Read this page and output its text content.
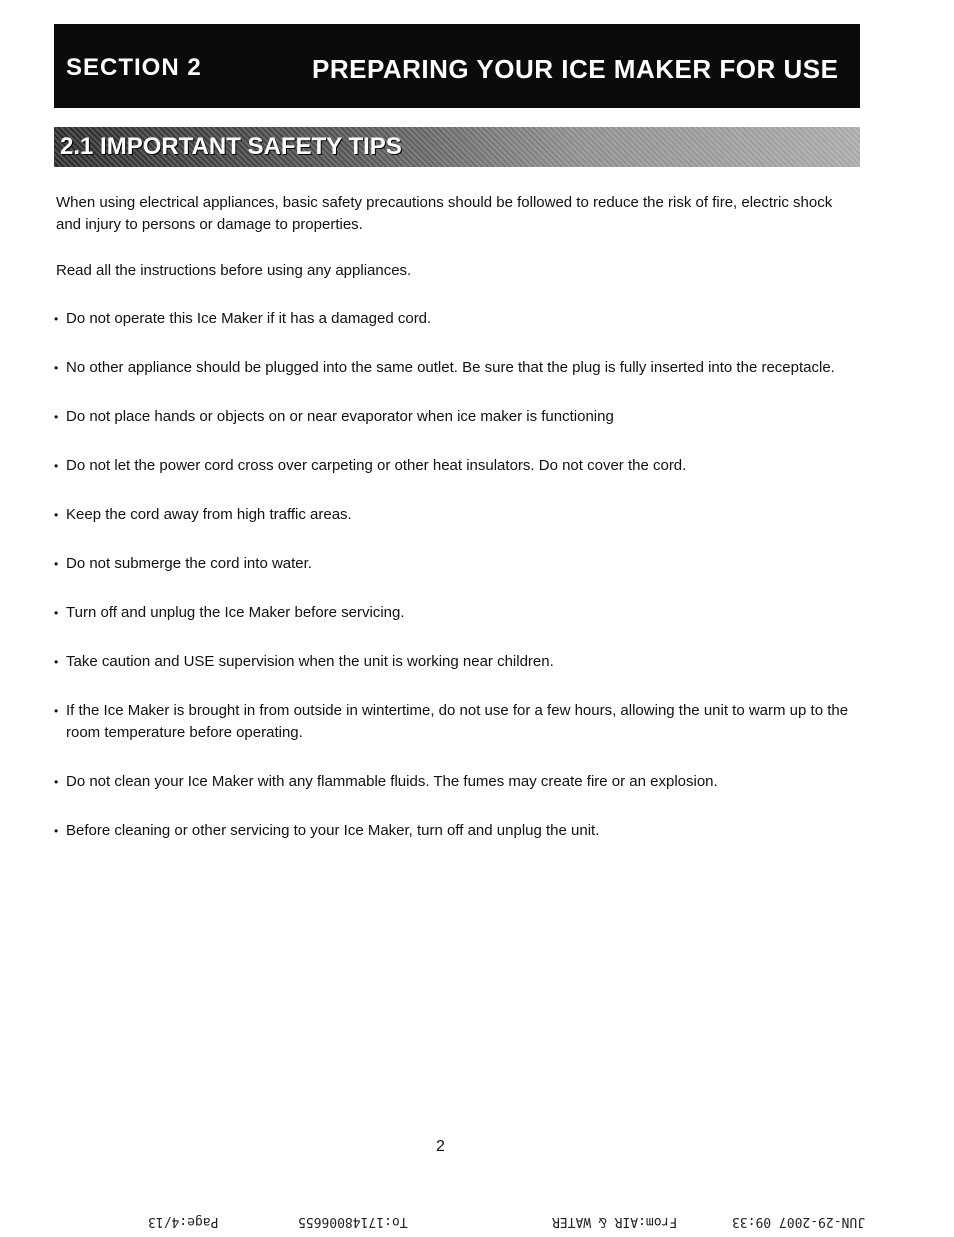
SECTION 2	PREPARING YOUR ICE MAKER FOR USE
2.1 IMPORTANT SAFETY TIPS

When using electrical appliances, basic safety precautions should be followed to reduce the risk of fire, electric shock and injury to persons or damage to properties.

Read all the instructions before using any appliances.

• Do not operate this Ice Maker if it has a damaged cord.
• No other appliance should be plugged into the same outlet. Be sure that the plug is fully inserted into the receptacle.
• Do not place hands or objects on or near evaporator when ice maker is functioning
• Do not let the power cord cross over carpeting or other heat insulators. Do not cover the cord.
• Keep the cord away from high traffic areas.
• Do not submerge the cord into water.
• Turn off and unplug the Ice Maker before servicing.
• Take caution and USE supervision when the unit is working near children.
• If the Ice Maker is brought in from outside in wintertime, do not use for a few hours, allowing the unit to warm up to the room temperature before operating.
• Do not clean your Ice Maker with any flammable fluids. The fumes may create fire or an explosion.
• Before cleaning or other servicing to your Ice Maker, turn off and unplug the unit.
2
Page:4/13	To:17148006655	From:AIR & WATER	JUN-29-2007 09:33
